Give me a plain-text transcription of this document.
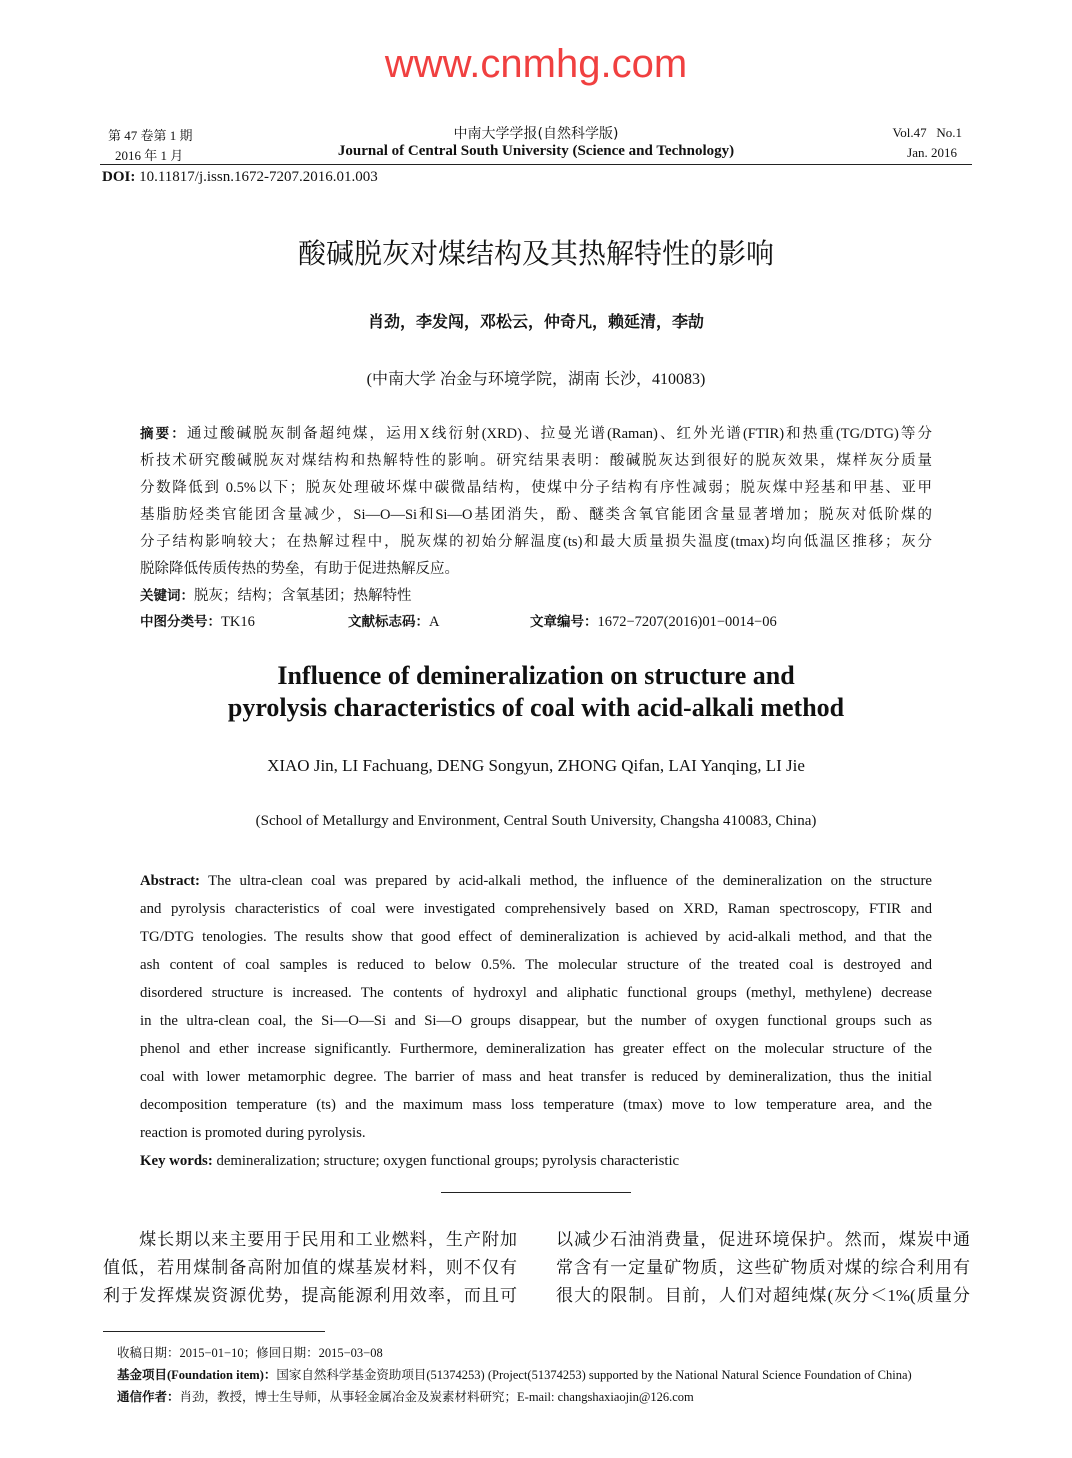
第 47 卷第 1 期
2016 年 1 月
中南大学学报(自然科学版)
Journal of Central South University (Science and Technology)
Vol.47   No.1
Jan. 2016
DOI: 10.11817/j.issn.1672-7207.2016.01.003
酸碱脱灰对煤结构及其热解特性的影响
肖劲，李发闯，邓松云，仲奇凡，赖延清，李劼
(中南大学 冶金与环境学院，湖南 长沙，410083)
摘要：通过酸碱脱灰制备超纯煤，运用X线衍射(XRD)、拉曼光谱(Raman)、红外光谱(FTIR)和热重(TG/DTG)等分
析技术研究酸碱脱灰对煤结构和热解特性的影响。研究结果表明：酸碱脱灰达到很好的脱灰效果，煤样灰分质量
分数降低到 0.5%以下；脱灰处理破坏煤中碳微晶结构，使煤中分子结构有序性减弱；脱灰煤中羟基和甲基、亚甲
基脂肪烃类官能团含量减少，Si—O—Si和Si—O基团消失，酚、醚类含氧官能团含量显著增加；脱灰对低阶煤的
分子结构影响较大；在热解过程中，脱灰煤的初始分解温度(ts)和最大质量损失温度(tmax)均向低温区推移；灰分
脱除降低传质传热的势垒，有助于促进热解反应。
关键词：脱灰；结构；含氧基团；热解特性
中图分类号：TK16	文献标志码：A	文章编号：1672−7207(2016)01−0014−06
Influence of demineralization on structure and
pyrolysis characteristics of coal with acid-alkali method
XIAO Jin, LI Fachuang, DENG Songyun, ZHONG Qifan, LAI Yanqing, LI Jie
(School of Metallurgy and Environment, Central South University, Changsha 410083, China)
Abstract: The ultra-clean coal was prepared by acid-alkali method, the influence of the demineralization on the structure
and pyrolysis characteristics of coal were investigated comprehensively based on XRD, Raman spectroscopy, FTIR and
TG/DTG tenologies. The results show that good effect of demineralization is achieved by acid-alkali method, and that the
ash content of coal samples is reduced to below 0.5%. The molecular structure of the treated coal is destroyed and
disordered structure is increased. The contents of hydroxyl and aliphatic functional groups (methyl, methylene) decrease
in the ultra-clean coal, the Si—O—Si and Si—O groups disappear, but the number of oxygen functional groups such as
phenol and ether increase significantly. Furthermore, demineralization has greater effect on the molecular structure of the
coal with lower metamorphic degree. The barrier of mass and heat transfer is reduced by demineralization, thus the initial
decomposition temperature (ts) and the maximum mass loss temperature (tmax) move to low temperature area, and the
reaction is promoted during pyrolysis.
Key words: demineralization; structure; oxygen functional groups; pyrolysis characteristic
　　煤长期以来主要用于民用和工业燃料，生产附加
值低，若用煤制备高附加值的煤基炭材料，则不仅有
利于发挥煤炭资源优势，提高能源利用效率，而且可
以减少石油消费量，促进环境保护。然而，煤炭中通
常含有一定量矿物质，这些矿物质对煤的综合利用有
很大的限制。目前，人们对超纯煤(灰分＜1%(质量分
收稿日期：2015−01−10；修回日期：2015−03−08
基金项目(Foundation item)：国家自然科学基金资助项目(51374253) (Project(51374253) supported by the National Natural Science Foundation of China)
通信作者：肖劲，教授，博士生导师，从事轻金属冶金及炭素材料研究；E-mail: changshaxiaojin@126.com
www.cnmhg.com
